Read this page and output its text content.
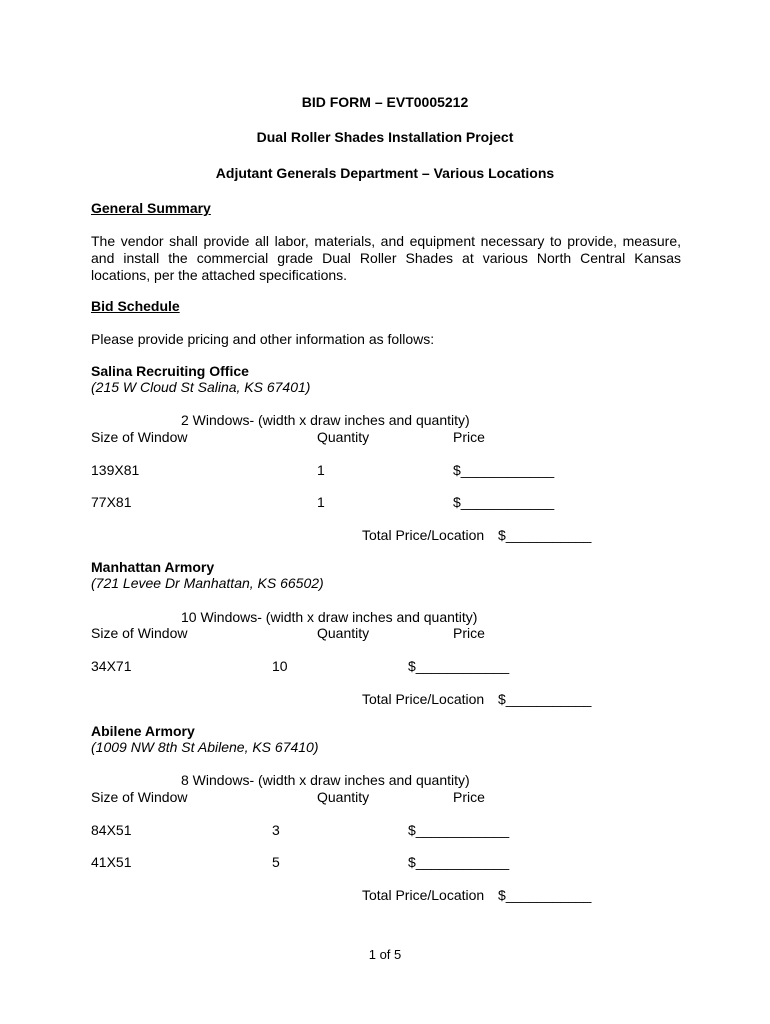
BID FORM – EVT0005212
Dual Roller Shades Installation Project
Adjutant Generals Department – Various Locations
General Summary
The vendor shall provide all labor, materials, and equipment necessary to provide, measure, and install the commercial grade Dual Roller Shades at various North Central Kansas locations, per the attached specifications.
Bid Schedule
Please provide pricing and other information as follows:
Salina Recruiting Office
(215 W Cloud St Salina, KS 67401)
2 Windows- (width x draw inches and quantity)
Size of Window	Quantity	Price
139X81	1	$____________
77X81	1	$____________
Total Price/Location $___________
Manhattan Armory
(721 Levee Dr Manhattan, KS 66502)
10 Windows- (width x draw inches and quantity)
Size of Window	Quantity	Price
34X71	10	$____________
Total Price/Location $___________
Abilene Armory
(1009 NW 8th St Abilene, KS 67410)
8 Windows- (width x draw inches and quantity)
Size of Window	Quantity	Price
84X51	3	$____________
41X51	5	$____________
Total Price/Location $___________
1 of 5
